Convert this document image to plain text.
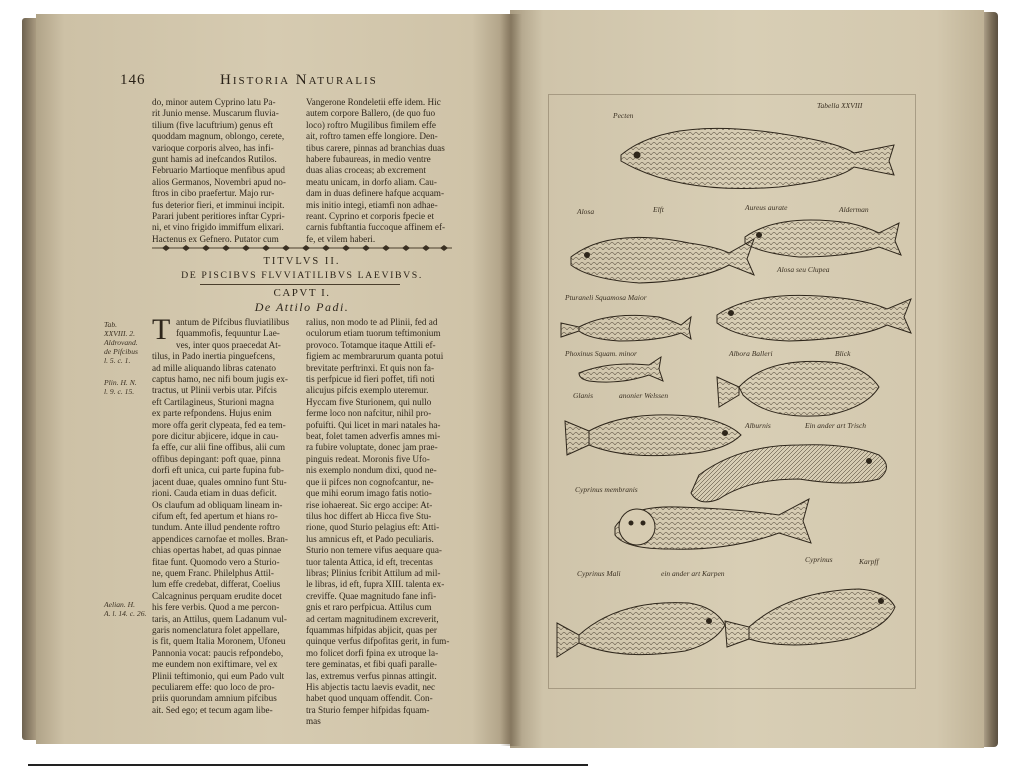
146	Historia Naturalis
do, minor autem Cyprino latu Pa-
rit Junio mense. Muscarum fluvia-
tilium (five lacuftrium) genus eft
quoddam magnum, oblongo, cerete,
varioque corporis alveo, has infi-
gunt hamis ad inefcandos Rutilos.
Februario Martioque menfibus apud
alios Germanos, Novembri apud no-
ftros in cibo praefertur. Majo rur-
fus deterior fieri, et imminui incipit.
Parari jubent peritiores inftar Cypri-
ni, et vino frigido immiffum elixari.
Hactenus ex Gefnero. Putator cum
Vangerone Rondeletii effe idem. Hic
autem corpore Ballero, (de quo fuo
loco) roftro Mugilibus fimilem effe
ait, roftro tamen effe longiore. Den-
tibus carere, pinnas ad branchias duas
habere fubaureas, in medio ventre
duas alias croceas; ab excrement
meatu unicam, in dorfo aliam. Cau-
dam in duas definere hafque acquam-
mis initio integi, etiamfi non adhae-
reant. Cyprino et corporis fpecie et
carnis fubftantia fuccoque affinem ef-
fe, et vilem haberi.
TITVLVS II.
DE PISCIBVS FLVVIATILIBVS LAEVIBVS.
CAPVT I.
De Attilo Padi.
T antum de Pifcibus fluviatilibus
fquammofis, fequuntur Lae-
ves, inter quos praecedat At-
tilus, in Pado inertia pinguefcens,
ad mille aliquando libras catenato
captus hamo, nec nifi boum jugis ex-
tractus, ut Plinii verbis utar. Pifcis
eft Cartilagineus, Sturioni magna
ex parte refpondens. Hujus enim
more offa gerit clypeata, fed ea tem-
pore dicitur abjicere, idque in cau-
fa effe, cur alii fine offibus, alii cum
offibus depingant: poft quae, pinna
dorfi eft unica, cui parte fupina fub-
jacent duae, quales omnino funt Stu-
rioni. Cauda etiam in duas deficit.
Os claufum ad obliquam lineam in-
cifum eft, fed apertum et hians ro-
tundum. Ante illud pendente roftro
appendices carnofae et molles. Bran-
chias opertas habet, ad quas pinnae
fitae funt. Quomodo vero a Sturio-
ne, quem Franc. Philelphus Attil-
lum effe credebat, differat, Coelius
Calcagninus perquam erudite docet
his fere verbis. Quod a me percon-
taris, an Attilus, quem Ladanum vul-
garis nomenclatura folet appellare,
is fit, quem Italia Moronem, Ufoneu
Pannonia vocat: paucis refpondebo,
me eundem non exiftimare, vel ex
Plinii teftimonio, qui eum Pado vult
peculiarem effe: quo loco de pro-
priis quorundam amnium pifcibus
ait. Sed ego; et tecum agam libe-
ralius, non modo te ad Plinii, fed ad
oculorum etiam tuorum teftimonium
provoco. Totamque itaque Attili ef-
figiem ac membrarurum quanta potui
brevitate perftrinxi. Et quis non fa-
tis perfpicue id fieri poffet, tifi noti
alicujus pifcis exemplo uteremur.
Hyccam five Sturionem, qui nullo
ferme loco non nafcitur, nihil pro-
pofuifti. Qui licet in mari natales ha-
beat, folet tamen adverfis amnes mi-
ra fubire voluptate, donec jam prae-
pinguis redeat. Moronis five Ufo-
nis exemplo nondum dixi, quod ne-
que ii pifces non cognofcantur, ne-
que mihi eorum imago fatis notio-
rise iohaereat. Sic ergo accipe: At-
tilus hoc differt ab Hicca five Stu-
rione, quod Sturio pelagius eft: Atti-
lus amnicus eft, et Pado peculiaris.
Sturio non temere vifus aequare qua-
tuor talenta Attica, id eft, trecentas
libras; Plinius fcribit Attilum ad mil-
le libras, id eft, fupra XIII. talenta ex-
creviffe. Quae magnitudo fane infi-
gnis et raro perfpicua. Attilus cum
ad certam magnitudinem excreverit,
fquammas hifpidas abjicit, quas per
quinque verfus difpofitas gerit, in fum-
mo folicet dorfi fpina ex utroque la-
tere geminatas, et fibi quafi paralle-
las, extremus verfus pinnas attingit.
His abjectis tactu laevis evadit, nec
habet quod unquam offendit. Con-
tra Sturio femper hifpidas fquam-
mas
Tab.
XXVIII. 2.
Aldrovand.
de Pifcibus
l. 5. c. 1.
Plin. H. N.
l. 9. c. 15.
Aelian. H.
A. l. 14. c. 26.
Tabella XXVIII
Pecten
Alosa	Elft	Aureus aurate	Alderman
Alosa seu Clupea
Pturaneli Squamosa Maior
Phoxinus Squam. minor	Albora Balleri	Blick
Glanis	anonier Welssen
Alburnis	Ein ander art Trisch
Cyprinus membranis
Cyprinus Mali	ein ander art Karpen
Cyprinus	Karpff
